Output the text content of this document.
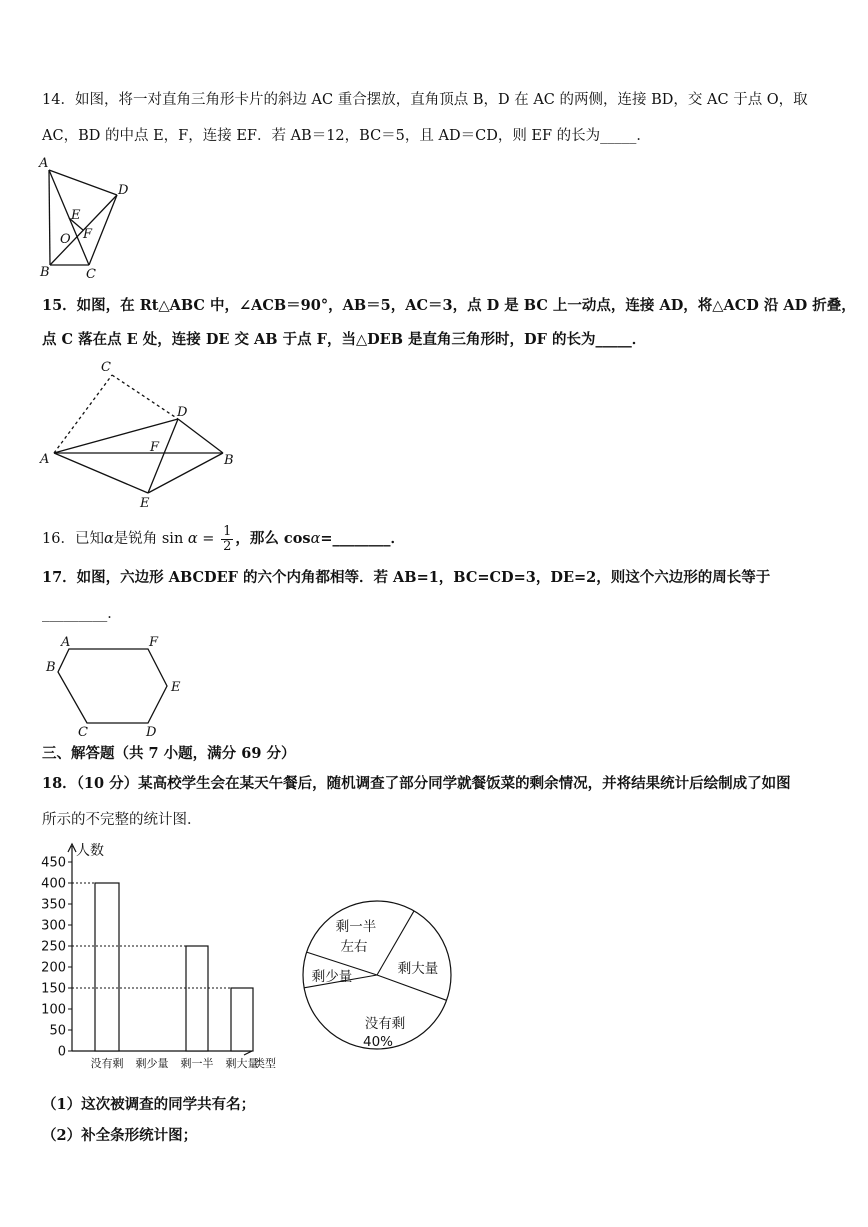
14．如图，将一对直角三角形卡片的斜边 AC 重合摆放，直角顶点 B，D 在 AC 的两侧，连接 BD，交 AC 于点 O，取
AC，BD 的中点 E，F，连接 EF．若 AB＝12，BC＝5，且 AD＝CD，则 EF 的长为_____．
A
D
E
O F
B	C
15．如图，在 Rt△ABC 中，∠ACB＝90°，AB＝5，AC＝3，点 D 是 BC 上一动点，连接 AD，将△ACD 沿 AD 折叠，
点 C 落在点 E 处，连接 DE 交 AB 于点 F，当△DEB 是直角三角形时，DF 的长为_____．
C
D
F
A	B
E
16．已知α是锐角 $\sin \alpha = \frac{1}{2}$ ，那么 cosα=________．
17．如图，六边形 ABCDEF 的六个内角都相等．若 AB=1，BC=CD=3，DE=2，则这个六边形的周长等于
_________．
A	F
B
E
C	D
三、解答题（共 7 小题，满分 69 分）
18．（10 分）某高校学生会在某天午餐后，随机调查了部分同学就餐饭菜的剩余情况，并将结果统计后绘制成了如图
所示的不完整的统计图．
0
50
100
150
200
250
300
350
400
450
人数
没有剩 剩少量 剩一半 剩大量
类型
剩一半
左右
剩大量
没有剩
40%
剩少量
（1）这次被调查的同学共有名；
（2）补全条形统计图；
